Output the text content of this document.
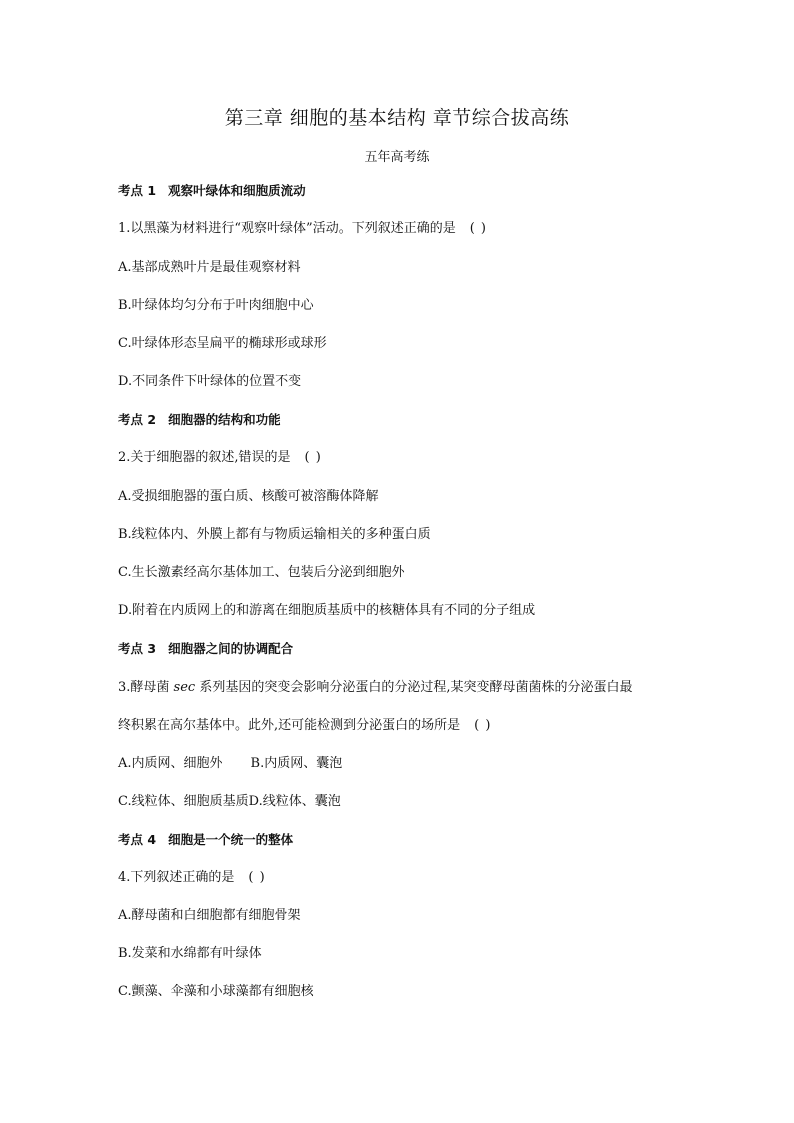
第三章 细胞的基本结构 章节综合拔高练
五年高考练
考点 1 观察叶绿体和细胞质流动
1.以黑藻为材料进行“观察叶绿体”活动。下列叙述正确的是 ( )
A.基部成熟叶片是最佳观察材料
B.叶绿体均匀分布于叶肉细胞中心
C.叶绿体形态呈扁平的椭球形或球形
D.不同条件下叶绿体的位置不变
考点 2 细胞器的结构和功能
2.关于细胞器的叙述,错误的是 ( )
A.受损细胞器的蛋白质、核酸可被溶酶体降解
B.线粒体内、外膜上都有与物质运输相关的多种蛋白质
C.生长激素经高尔基体加工、包装后分泌到细胞外
D.附着在内质网上的和游离在细胞质基质中的核糖体具有不同的分子组成
考点 3 细胞器之间的协调配合
3.酵母菌 sec 系列基因的突变会影响分泌蛋白的分泌过程,某突变酵母菌菌株的分泌蛋白最
终积累在高尔基体中。此外,还可能检测到分泌蛋白的场所是 ( )
A.内质网、细胞外 B.内质网、囊泡
C.线粒体、细胞质基质D.线粒体、囊泡
考点 4 细胞是一个统一的整体
4.下列叙述正确的是 ( )
A.酵母菌和白细胞都有细胞骨架
B.发菜和水绵都有叶绿体
C.颤藻、伞藻和小球藻都有细胞核
